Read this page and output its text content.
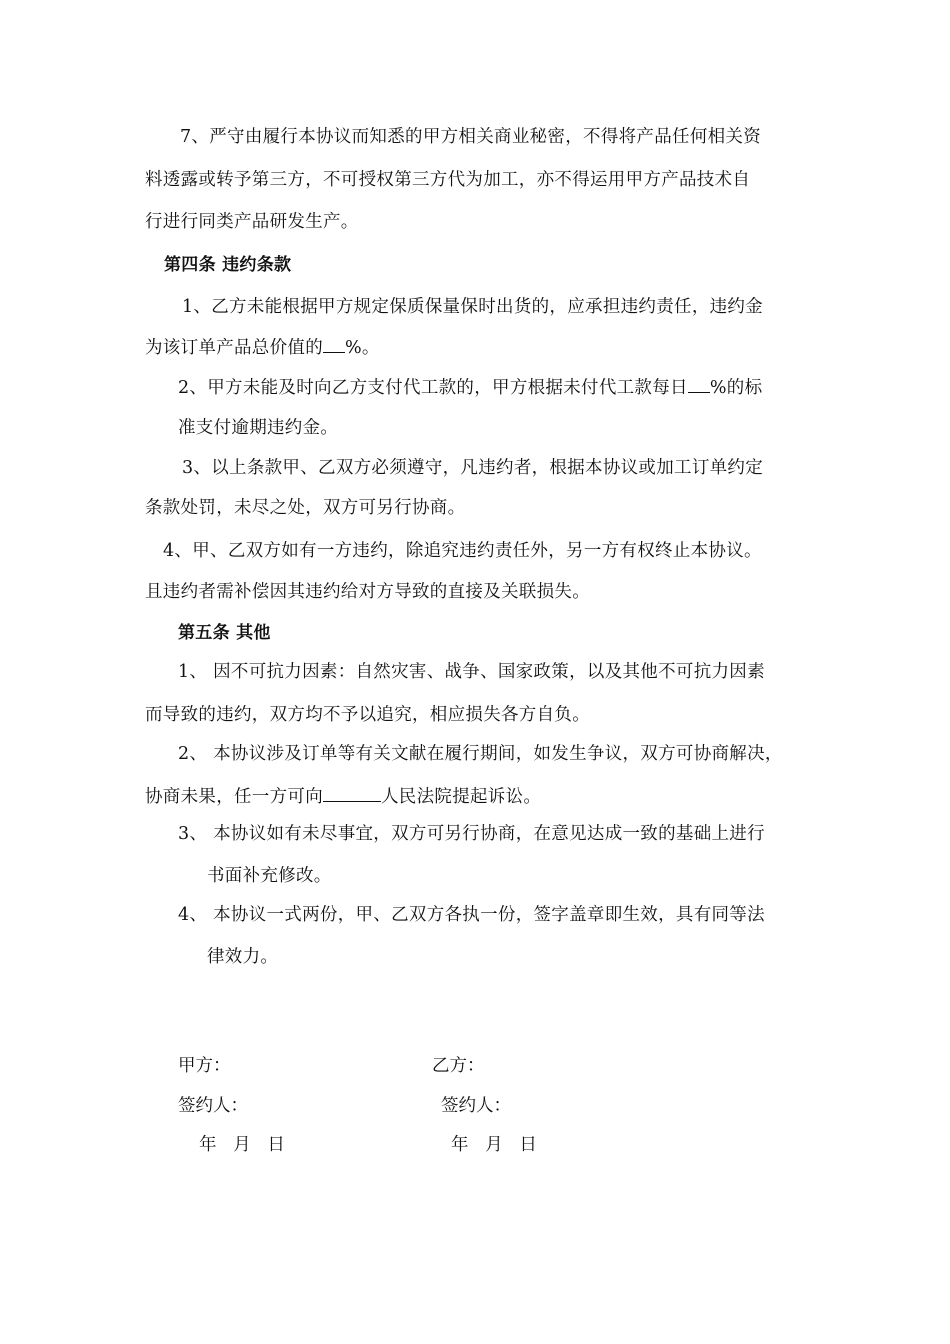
7、严守由履行本协议而知悉的甲方相关商业秘密，不得将产品任何相关资
料透露或转予第三方，不可授权第三方代为加工，亦不得运用甲方产品技术自
行进行同类产品研发生产。
第四条 违约条款
1、乙方未能根据甲方规定保质保量保时出货的，应承担违约责任，违约金
为该订单产品总价值的 %。
2、甲方未能及时向乙方支付代工款的，甲方根据未付代工款每日 %的标
准支付逾期违约金。
3、以上条款甲、乙双方必须遵守，凡违约者，根据本协议或加工订单约定
条款处罚，未尽之处，双方可另行协商。
4、甲、乙双方如有一方违约，除追究违约责任外，另一方有权终止本协议。
且违约者需补偿因其违约给对方导致的直接及关联损失。
第五条 其他
1、 因不可抗力因素：自然灾害、战争、国家政策，以及其他不可抗力因素
而导致的违约，双方均不予以追究，相应损失各方自负。
2、 本协议涉及订单等有关文献在履行期间，如发生争议，双方可协商解决，
协商未果，任一方可向	人民法院提起诉讼。
3、 本协议如有未尽事宜，双方可另行协商，在意见达成一致的基础上进行
书面补充修改。
4、 本协议一式两份，甲、乙双方各执一份，签字盖章即生效，具有同等法
律效力。
甲方：	乙方：
签约人：	签约人：
年   月   日	年   月   日
